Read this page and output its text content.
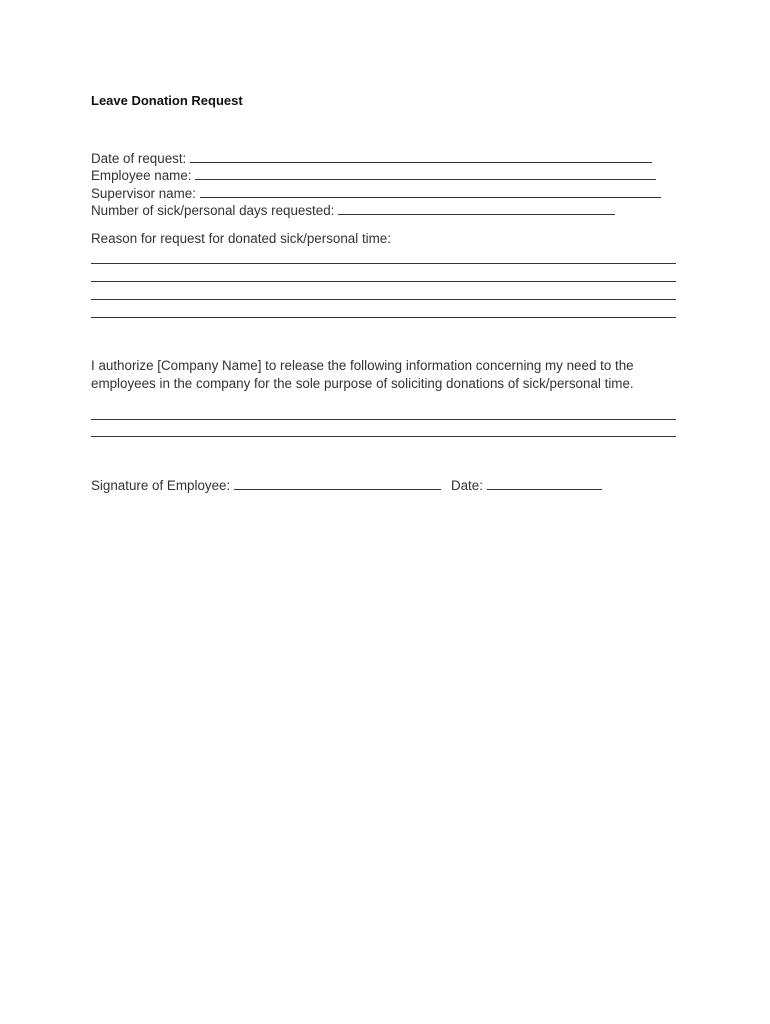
Leave Donation Request
Date of request:
Employee name:
Supervisor name:
Number of sick/personal days requested:
Reason for request for donated sick/personal time:
I authorize [Company Name] to release the following information concerning my need to the employees in the company for the sole purpose of soliciting donations of sick/personal time.
Signature of Employee:	Date:
